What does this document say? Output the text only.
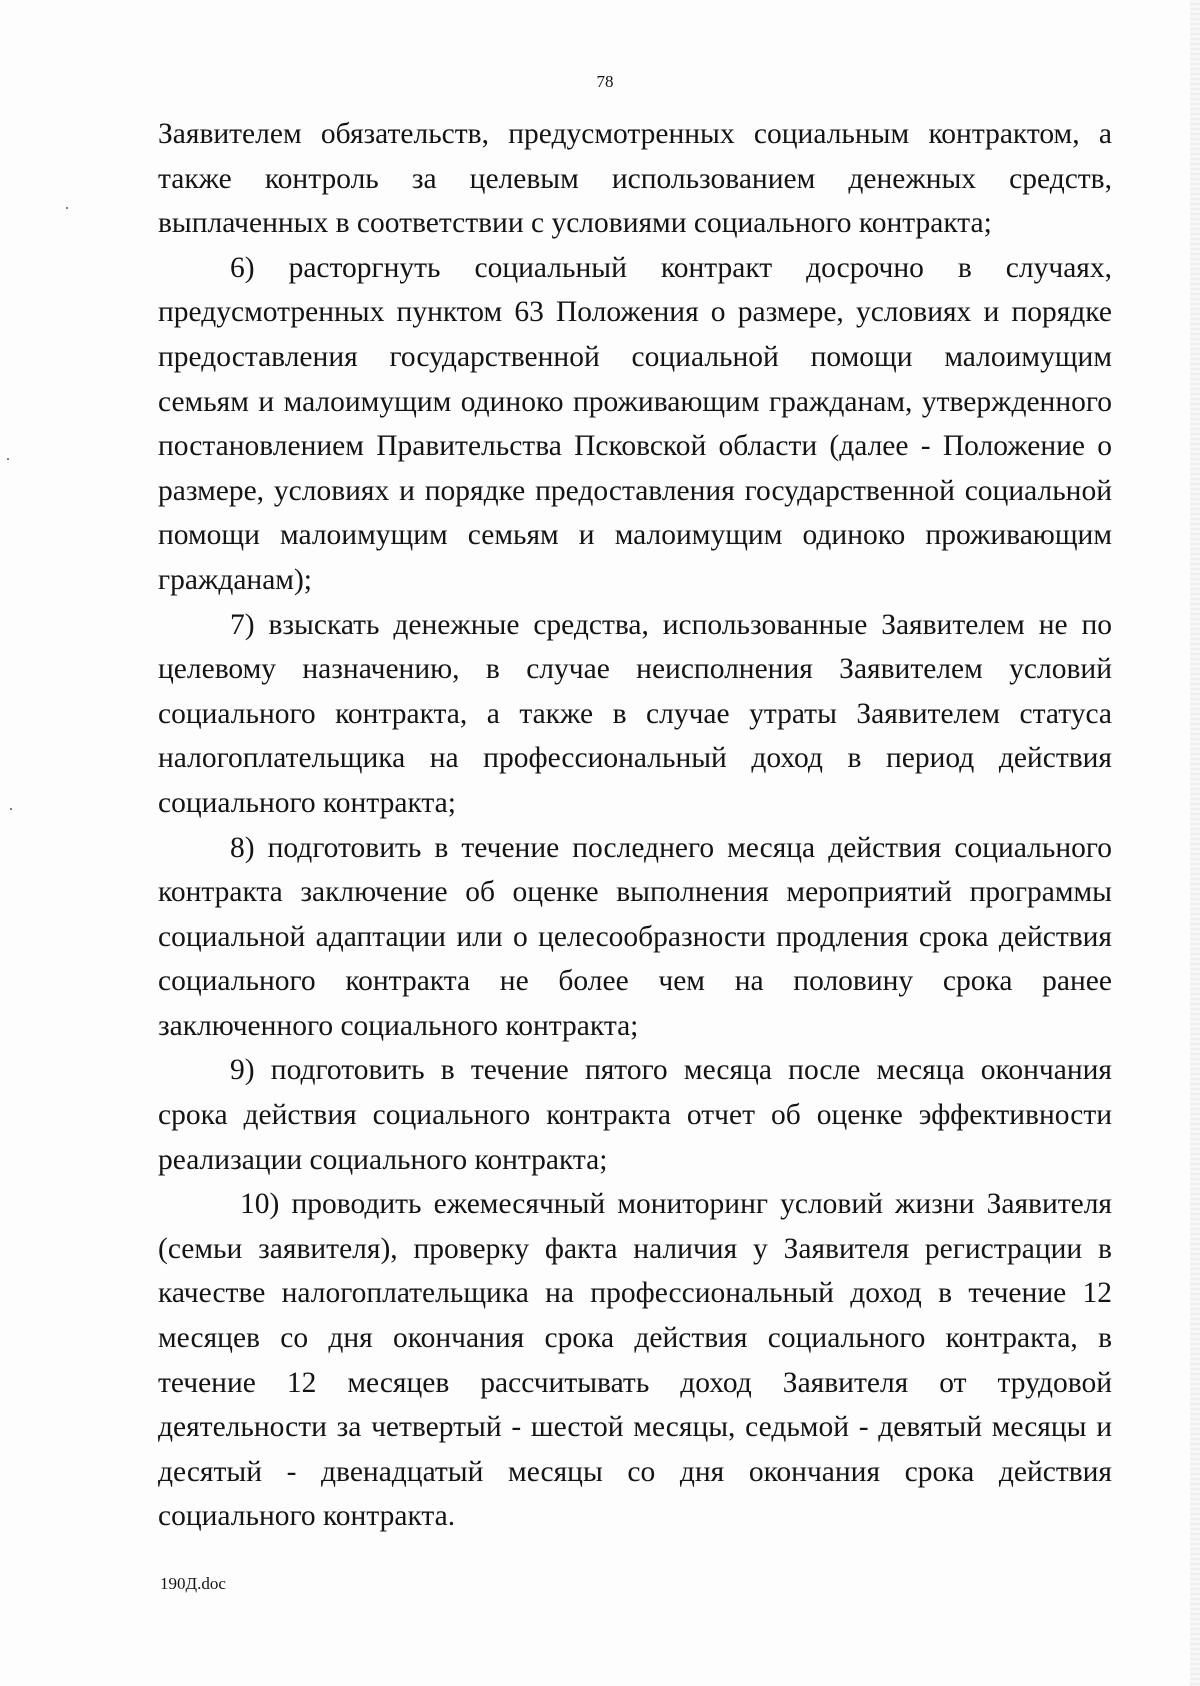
78

Заявителем обязательств, предусмотренных социальным контрактом, а также контроль за целевым использованием денежных средств, выплаченных в соответствии с условиями социального контракта;

6) расторгнуть социальный контракт досрочно в случаях, предусмотренных пунктом 63 Положения о размере, условиях и порядке предоставления государственной социальной помощи малоимущим семьям и малоимущим одиноко проживающим гражданам, утвержденного постановлением Правительства Псковской области (далее - Положение о размере, условиях и порядке предоставления государственной социальной помощи малоимущим семьям и малоимущим одиноко проживающим гражданам);

7) взыскать денежные средства, использованные Заявителем не по целевому назначению, в случае неисполнения Заявителем условий социального контракта, а также в случае утраты Заявителем статуса налогоплательщика на профессиональный доход в период действия социального контракта;

8) подготовить в течение последнего месяца действия социального контракта заключение об оценке выполнения мероприятий программы социальной адаптации или о целесообразности продления срока действия социального контракта не более чем на половину срока ранее заключенного социального контракта;

9) подготовить в течение пятого месяца после месяца окончания срока действия социального контракта отчет об оценке эффективности реализации социального контракта;

10) проводить ежемесячный мониторинг условий жизни Заявителя (семьи заявителя), проверку факта наличия у Заявителя регистрации в качестве налогоплательщика на профессиональный доход в течение 12 месяцев со дня окончания срока действия социального контракта, в течение 12 месяцев рассчитывать доход Заявителя от трудовой деятельности за четвертый - шестой месяцы, седьмой - девятый месяцы и десятый - двенадцатый месяцы со дня окончания срока действия социального контракта.

190Д.doc
